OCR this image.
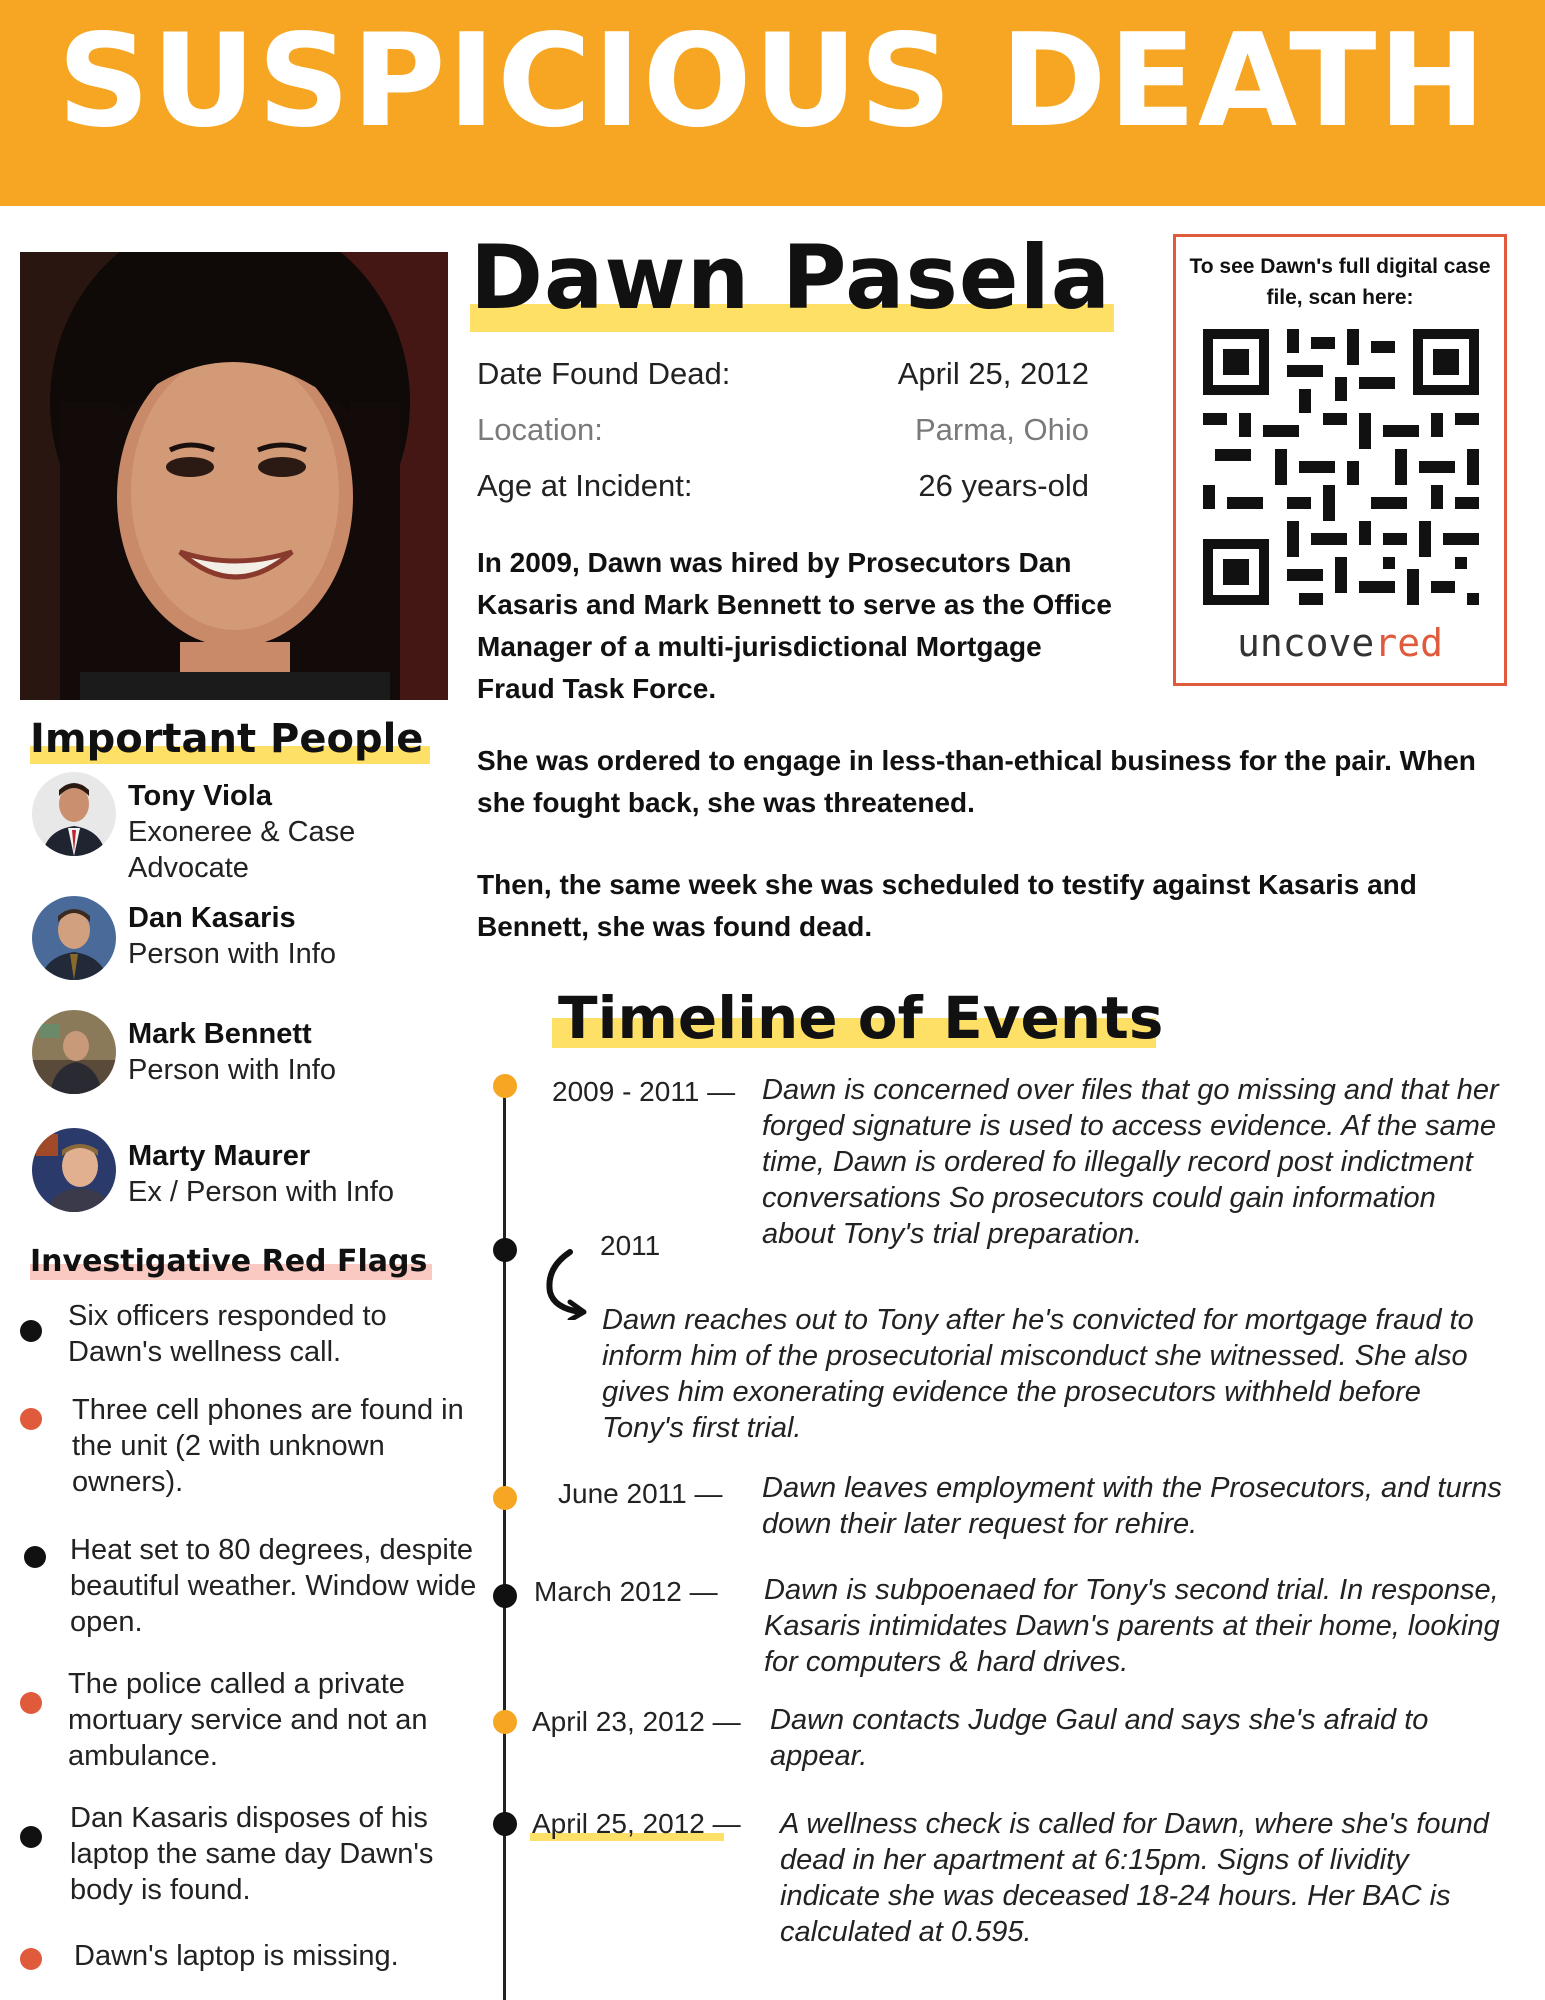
SUSPICIOUS DEATH
Dawn Pasela
Date Found Dead:	April 25, 2012
Location:	Parma, Ohio
Age at Incident:	26 years-old
In 2009, Dawn was hired by Prosecutors Dan Kasaris and Mark Bennett to serve as the Office Manager of a multi-jurisdictional Mortgage Fraud Task Force.
She was ordered to engage in less-than-ethical business for the pair. When she fought back, she was threatened.
Then, the same week she was scheduled to testify against Kasaris and Bennett, she was found dead.
To see Dawn's full digital case file, scan here:
uncovered
Important People
Tony Viola
Exoneree & Case Advocate
Dan Kasaris
Person with Info
Mark Bennett
Person with Info
Marty Maurer
Ex / Person with Info
Investigative Red Flags
Six officers responded to Dawn's wellness call.
Three cell phones are found in the unit (2 with unknown owners).
Heat set to 80 degrees, despite beautiful weather. Window wide open.
The police called a private mortuary service and not an ambulance.
Dan Kasaris disposes of his laptop the same day Dawn's body is found.
Dawn's laptop is missing.
Timeline of Events
2009 - 2011 — Dawn is concerned over files that go missing and that her forged signature is used to access evidence. Af the same time, Dawn is ordered fo illegally record post indictment conversations So prosecutors could gain information about Tony's trial preparation.
2011
Dawn reaches out to Tony after he's convicted for mortgage fraud to inform him of the prosecutorial misconduct she witnessed. She also gives him exonerating evidence the prosecutors withheld before Tony's first trial.
June 2011 — Dawn leaves employment with the Prosecutors, and turns down their later request for rehire.
March 2012 — Dawn is subpoenaed for Tony's second trial. In response, Kasaris intimidates Dawn's parents at their home, looking for computers & hard drives.
April 23, 2012 — Dawn contacts Judge Gaul and says she's afraid to appear.
April 25, 2012 — A wellness check is called for Dawn, where she's found dead in her apartment at 6:15pm. Signs of lividity indicate she was deceased 18-24 hours. Her BAC is calculated at 0.595.
